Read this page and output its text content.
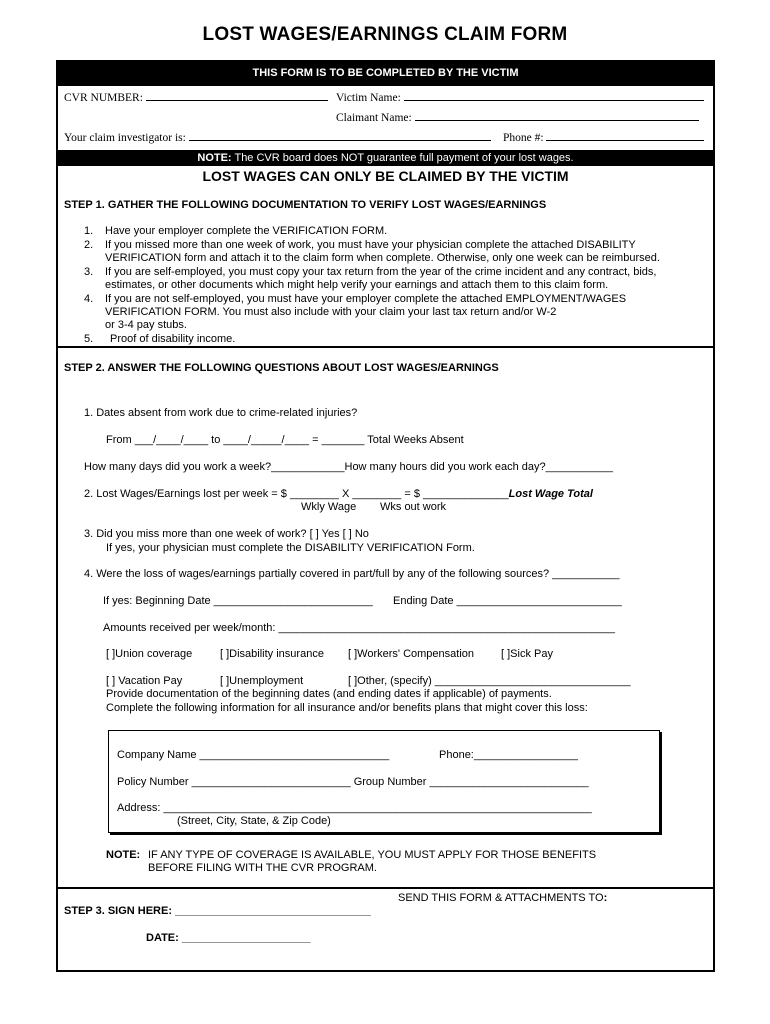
LOST WAGES/EARNINGS CLAIM FORM
THIS FORM IS TO BE COMPLETED BY THE VICTIM
CVR NUMBER:	Victim Name:
Claimant Name:
Your claim investigator is:	Phone #:
NOTE: The CVR board does NOT guarantee full payment of your lost wages.
LOST WAGES CAN ONLY BE CLAIMED BY THE VICTIM
STEP 1. GATHER THE FOLLOWING DOCUMENTATION TO VERIFY LOST WAGES/EARNINGS
1. Have your employer complete the VERIFICATION FORM.
2. If you missed more than one week of work, you must have your physician complete the attached DISABILITY
VERIFICATION form and attach it to the claim form when complete. Otherwise, only one week can be reimbursed.
3. If you are self-employed, you must copy your tax return from the year of the crime incident and any contract, bids,
estimates, or other documents which might help verify your earnings and attach them to this claim form.
4. If you are not self-employed, you must have your employer complete the attached EMPLOYMENT/WAGES
VERIFICATION FORM. You must also include with your claim your last tax return and/or W-2
or 3-4 pay stubs.
5. Proof of disability income.
STEP 2. ANSWER THE FOLLOWING QUESTIONS ABOUT LOST WAGES/EARNINGS
1. Dates absent from work due to crime-related injuries?
From ___/____/____ to ____/_____/____ = _______ Total Weeks Absent
How many days did you work a week?____________How many hours did you work each day?___________
2. Lost Wages/Earnings lost per week = $ ________ X ________ = $ ______________Lost Wage Total
Wkly Wage Wks out work
3. Did you miss more than one week of work? [ ] Yes [ ] No
If yes, your physician must complete the DISABILITY VERIFICATION Form.
4. Were the loss of wages/earnings partially covered in part/full by any of the following sources? ___________
If yes: Beginning Date __________________________ Ending Date ___________________________
Amounts received per week/month: _______________________________________________________
[ ]Union coverage	[ ]Disability insurance [ ]Workers' Compensation [ ]Sick Pay
[ ] Vacation Pay	[ ]Unemployment	[ ]Other, (specify) ________________________________
Provide documentation of the beginning dates (and ending dates if applicable) of payments.
Complete the following information for all insurance and/or benefits plans that might cover this loss:
Company Name _______________________________	Phone:_________________
Policy Number __________________________ Group Number __________________________
Address: ______________________________________________________________________
(Street, City, State, & Zip Code)
NOTE: IF ANY TYPE OF COVERAGE IS AVAILABLE, YOU MUST APPLY FOR THOSE BENEFITS
BEFORE FILING WITH THE CVR PROGRAM.
SEND THIS FORM & ATTACHMENTS TO:
STEP 3. SIGN HERE: ________________________________
DATE: _____________________
